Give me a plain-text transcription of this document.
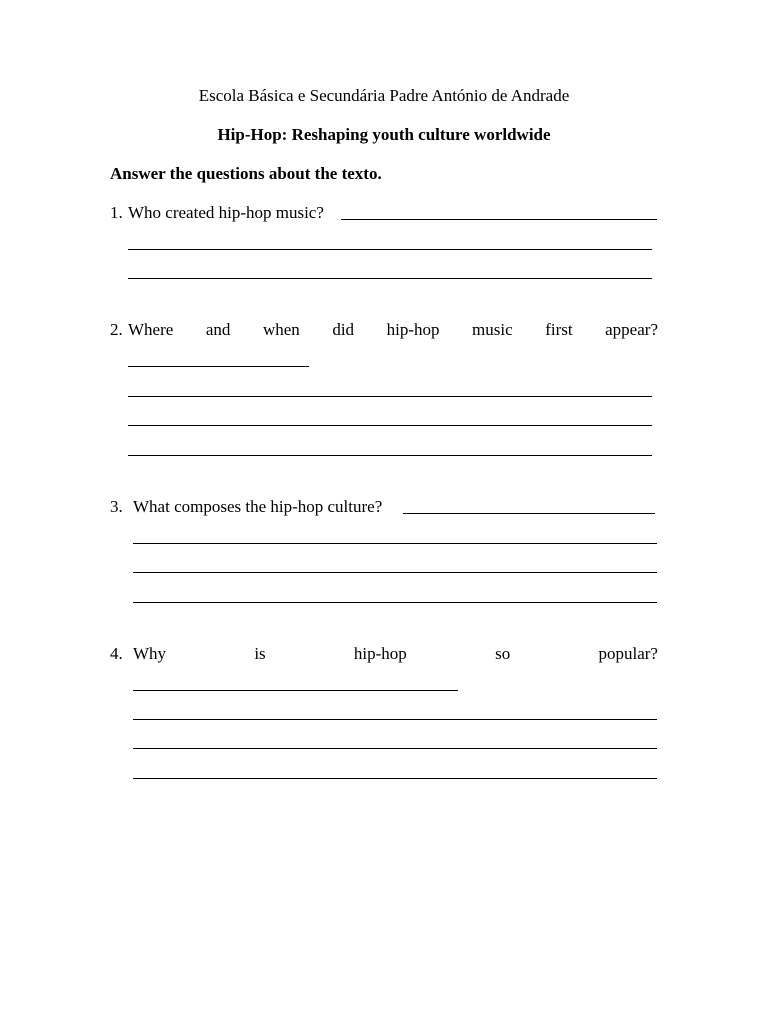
Escola Básica e Secundária Padre António de Andrade
Hip-Hop: Reshaping youth culture worldwide
Answer the questions about the texto.
1. Who created hip-hop music?
2. Where and when did hip-hop music first appear?
3. What composes the hip-hop culture?
4. Why	is	hip-hop	so	popular?
